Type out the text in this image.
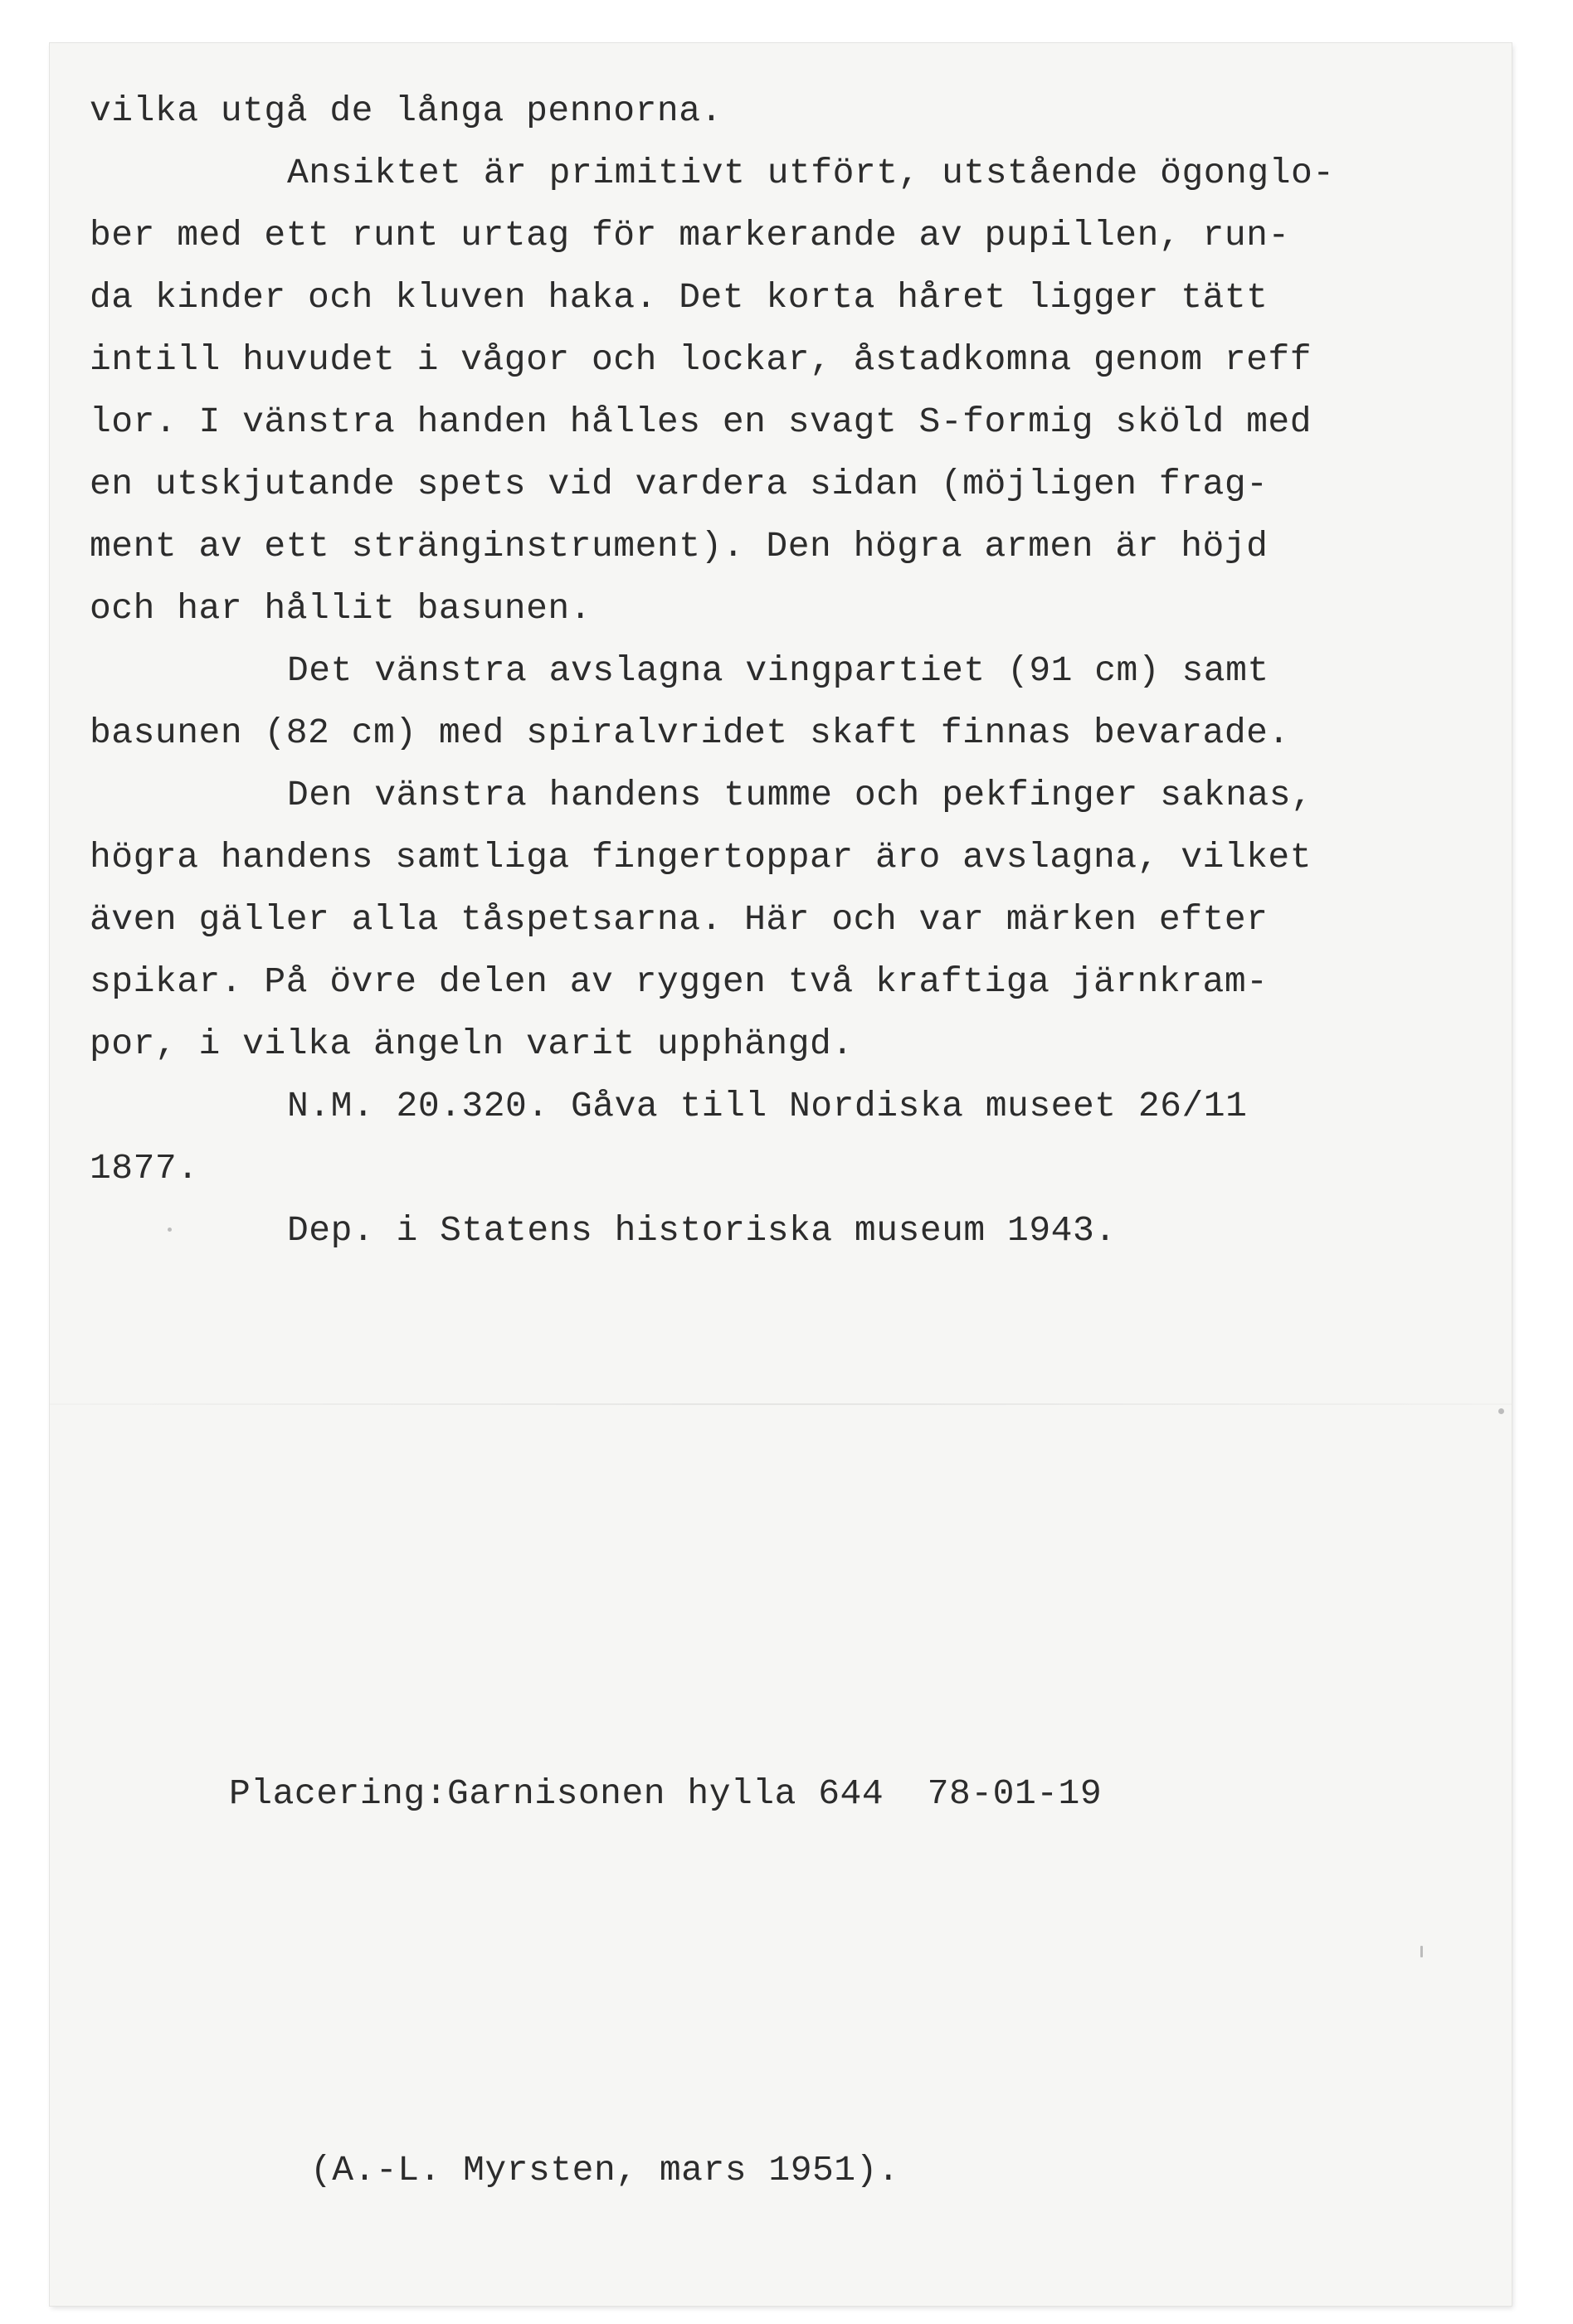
vilka utgå de långa pennorna.
Ansiktet är primitivt utfört, utstående ögonglo-
ber med ett runt urtag för markerande av pupillen, run-
da kinder och kluven haka. Det korta håret ligger tätt
intill huvudet i vågor och lockar, åstadkomna genom reff
lor. I vänstra handen hålles en svagt S-formig sköld med
en utskjutande spets vid vardera sidan (möjligen frag-
ment av ett stränginstrument). Den högra armen är höjd
och har hållit basunen.
Det vänstra avslagna vingpartiet (91 cm) samt
basunen (82 cm) med spiralvridet skaft finnas bevarade.
Den vänstra handens tumme och pekfinger saknas,
högra handens samtliga fingertoppar äro avslagna, vilket
även gäller alla tåspetsarna. Här och var märken efter
spikar. På övre delen av ryggen två kraftiga järnkram-
por, i vilka ängeln varit upphängd.
N.M. 20.320. Gåva till Nordiska museet 26/11
1877.
Dep. i Statens historiska museum 1943.

Placering:Garnisonen hylla 644  78-01-19

(A.-L. Myrsten, mars 1951).
